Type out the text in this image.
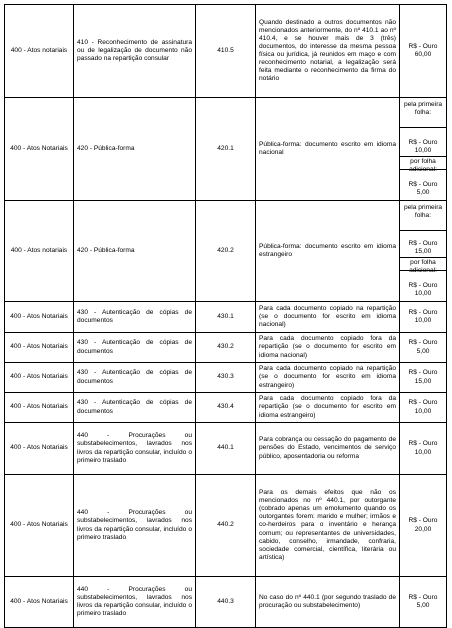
400 - Atos notariais	410 - Reconhecimento de assinatura ou de legalização de documento não passado na repartição consular	410.5	Quando destinado a outros documentos não mencionados anteriormente, do nº 410.1 ao nº 410.4, e se houver mais de 3 (três) documentos, do interesse da mesma pessoa física ou jurídica, já reunidos em maço e com reconhecimento notarial, a legalização será feita mediante o reconhecimento da firma do notário	R$ - Ouro 60,00

400 - Atos Notariais	420 - Pública-forma	420.1	Pública-forma: documento escrito em idioma nacional	pela primeira folha:
R$ - Ouro 10,00
por folha adicional:
R$ - Ouro 5,00

400 - Atos notariais	420 - Pública-forma	420.2	Pública-forma: documento escrito em idioma estrangeiro	pela primeira folha:
R$ - Ouro 15,00
por folha adicional:
R$ - Ouro 10,00

400 - Atos Notariais	430 - Autenticação de cópias de documentos	430.1	Para cada documento copiado na repartição (se o documento for escrito em idioma nacional)	R$ - Ouro 10,00

400 - Atos Notariais	430 - Autenticação de cópias de documentos	430.2	Para cada documento copiado fora da repartição (se o documento for escrito em idioma nacional)	R$ - Ouro 5,00

400 - Atos Notariais	430 - Autenticação de cópias de documentos	430.3	Para cada documento copiado na repartição (se o documento for escrito em idioma estrangeiro)	R$ - Ouro 15,00

400 - Atos Notariais	430 - Autenticação de cópias de documentos	430.4	Para cada documento copiado fora da repartição (se o documento for escrito em idioma estrangeiro)	R$ - Ouro 10,00

400 - Atos Notariais	440 - Procurações ou substabelecimentos, lavrados nos livros da repartição consular, incluído o primeiro traslado	440.1	Para cobrança ou cessação do pagamento de pensões do Estado, vencimentos de serviço público, aposentadoria ou reforma	R$ - Ouro 10,00

400 - Atos Notariais	440 - Procurações ou substabelecimentos, lavrados nos livros da repartição consular, incluído o primeiro traslado	440.2	Para os demais efeitos que não os mencionados no nº 440.1, por outorgante (cobrado apenas um emolumento quando os outorgantes forem: marido e mulher; irmãos e co-herdeiros para o inventário e herança comum; ou representantes de universidades, cabido, conselho, irmandade, confraria, sociedade comercial, científica, literária ou artística)	R$ - Ouro 20,00

400 - Atos Notariais	440 - Procurações ou substabelecimentos, lavrados nos livros da repartição consular, incluído o primeiro traslado	440.3	No caso do nº 440.1 (por segundo traslado de procuração ou substabelecimento)	R$ - Ouro 5,00
